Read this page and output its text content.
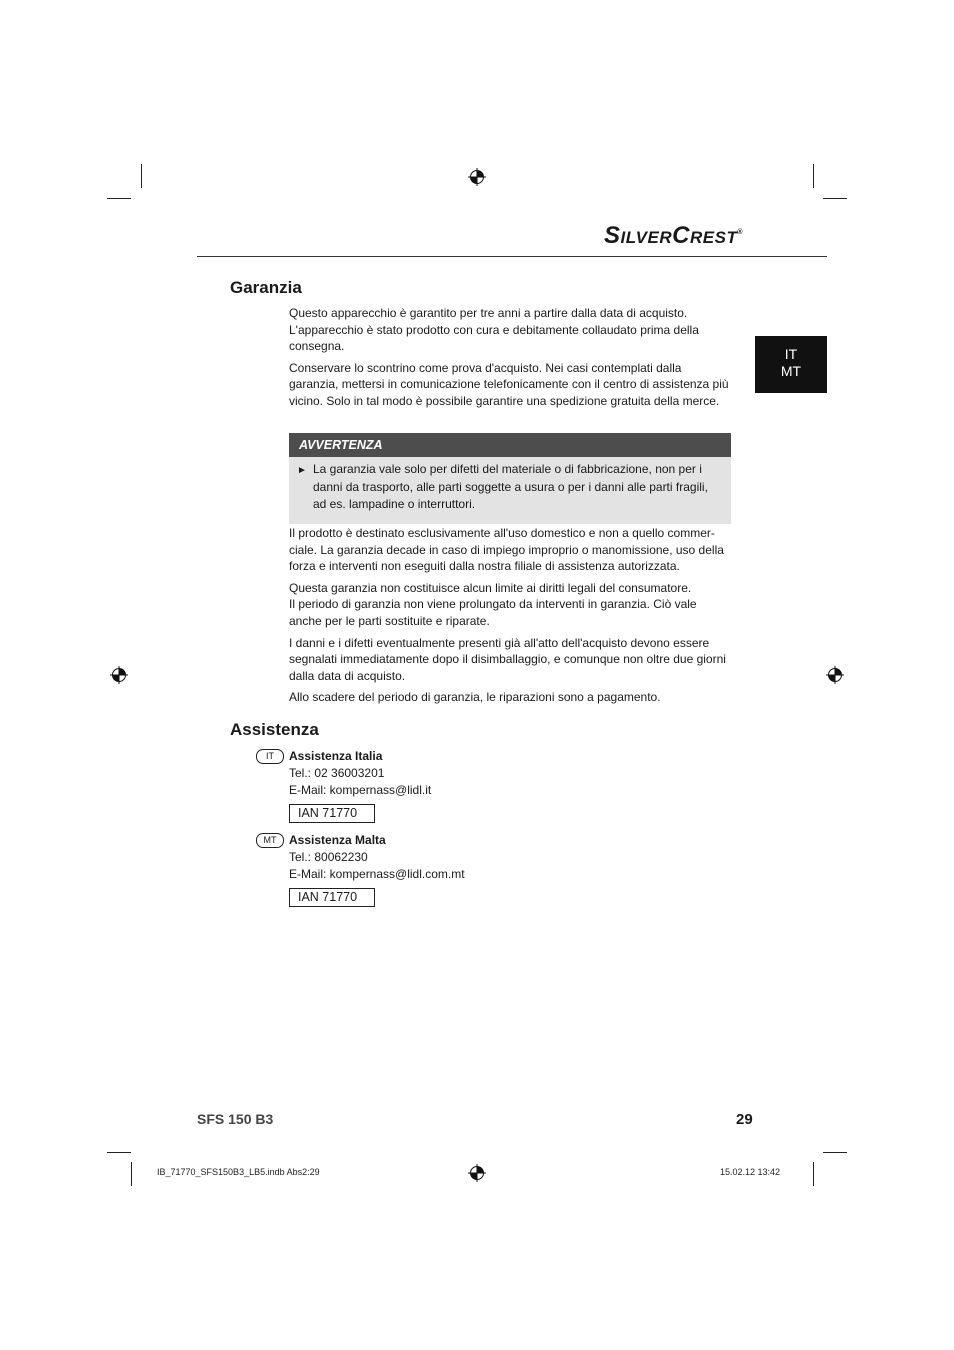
SILVERCREST®
IT
MT
Garanzia

Questo apparecchio è garantito per tre anni a partire dalla data di acquisto. L'apparecchio è stato prodotto con cura e debitamente collaudato prima della consegna.

Conservare lo scontrino come prova d'acquisto. Nei casi contemplati dalla garanzia, mettersi in comunicazione telefonicamente con il centro di assistenza più vicino. Solo in tal modo è possibile garantire una spedizione gratuita della merce.

AVVERTENZA
► La garanzia vale solo per difetti del materiale o di fabbricazione, non per i danni da trasporto, alle parti soggette a usura o per i danni alle parti fragili, ad es. lampadine o interruttori.

Il prodotto è destinato esclusivamente all'uso domestico e non a quello commer-ciale. La garanzia decade in caso di impiego improprio o manomissione, uso della forza e interventi non eseguiti dalla nostra filiale di assistenza autorizzata.

Questa garanzia non costituisce alcun limite ai diritti legali del consumatore.

Il periodo di garanzia non viene prolungato da interventi in garanzia. Ciò vale anche per le parti sostituite e riparate.

I danni e i difetti eventualmente presenti già all'atto dell'acquisto devono essere segnalati immediatamente dopo il disimballaggio, e comunque non oltre due giorni dalla data di acquisto.

Allo scadere del periodo di garanzia, le riparazioni sono a pagamento.

Assistenza
IT	Assistenza Italia
Tel.: 02 36003201
E-Mail: kompernass@lidl.it
IAN 71770
MT	Assistenza Malta
Tel.: 80062230
E-Mail: kompernass@lidl.com.mt
IAN 71770
SFS 150 B3	29
IB_71770_SFS150B3_LB5.indb Abs2:29	15.02.12 13:42
